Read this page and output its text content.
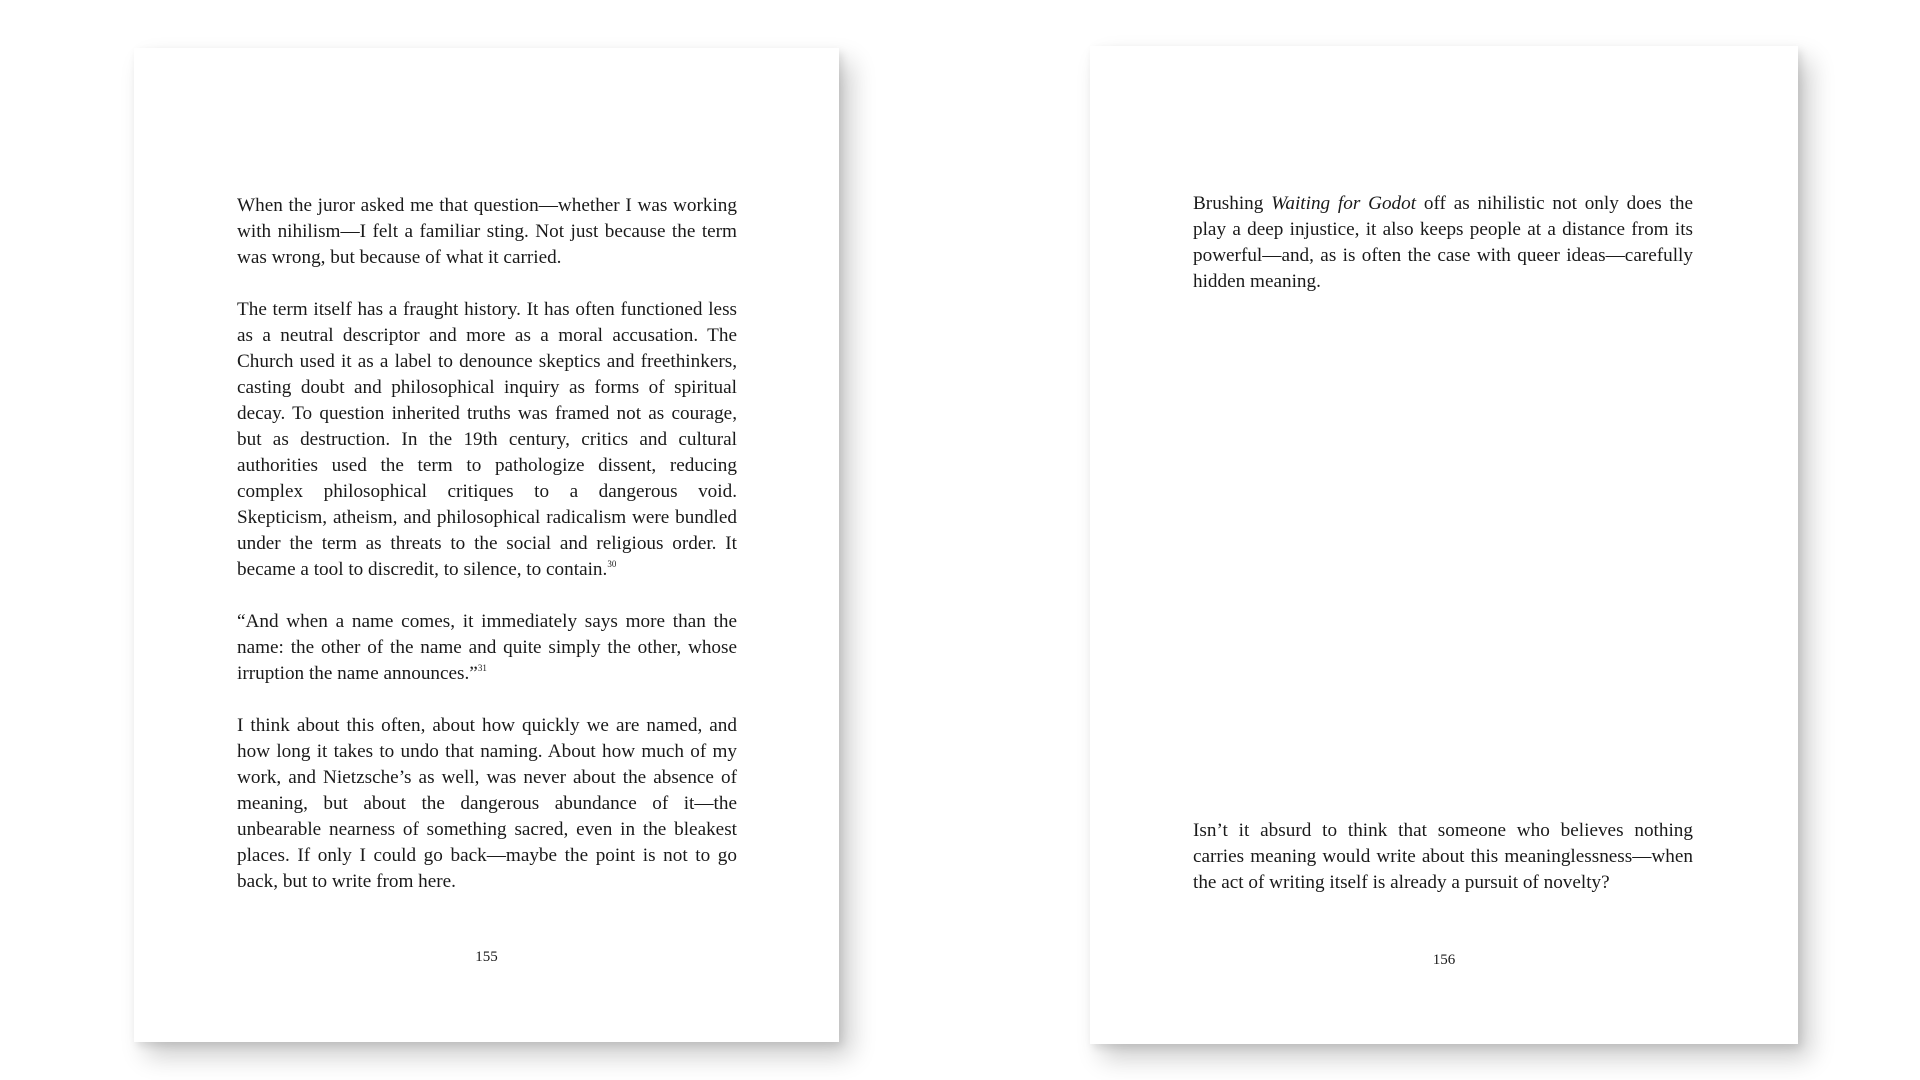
When the juror asked me that question—whether I was working with nihilism—I felt a familiar sting. Not just because the term was wrong, but because of what it carried.

The term itself has a fraught history. It has often functioned less as a neutral descriptor and more as a moral accusation. The Church used it as a label to denounce skeptics and freethinkers, casting doubt and philosophical inquiry as forms of spiritual decay. To question inherited truths was framed not as courage, but as destruction. In the 19th century, critics and cultural authorities used the term to pathologize dissent, reducing complex philosophical critiques to a dangerous void. Skepticism, atheism, and philosophical radicalism were bundled under the term as threats to the social and religious order. It became a tool to discredit, to silence, to contain.$^{30}$

“And when a name comes, it immediately says more than the name: the other of the name and quite simply the other, whose irruption the name announces.”$^{31}$

I think about this often, about how quickly we are named, and how long it takes to undo that naming. About how much of my work, and Nietzsche’s as well, was never about the absence of meaning, but about the dangerous abundance of it—the unbearable nearness of something sacred, even in the bleakest places. If only I could go back—maybe the point is not to go back, but to write from here.

155

Brushing Waiting for Godot off as nihilistic not only does the play a deep injustice, it also keeps people at a distance from its powerful—and, as is often the case with queer ideas—carefully hidden meaning.

Isn’t it absurd to think that someone who believes nothing carries meaning would write about this meaninglessness—when the act of writing itself is already a pursuit of novelty?

156
